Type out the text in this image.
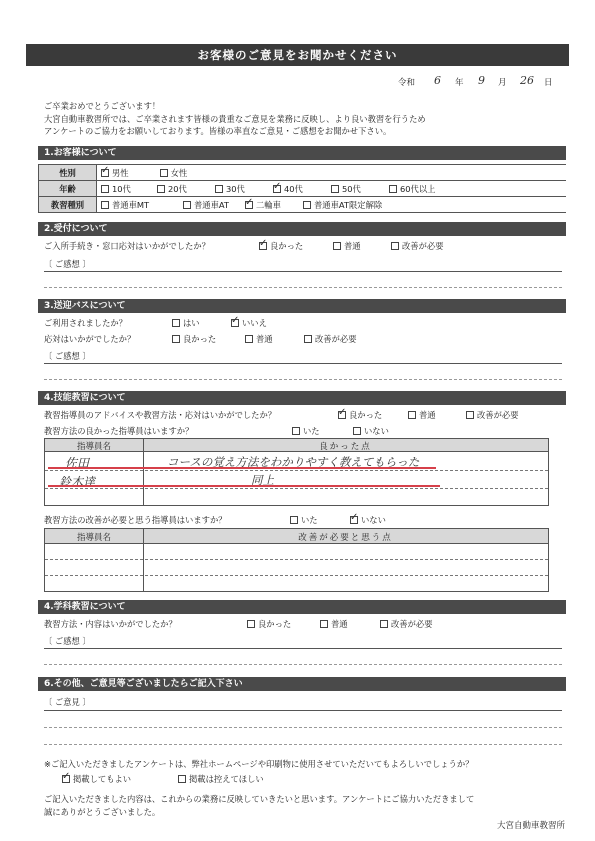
お客様のご意見をお聞かせください
令和 6 年 9 月 26 日
ご卒業おめでとうございます！
大宮自動車教習所では、ご卒業されます皆様の貴重なご意見を業務に反映し、より良い教習を行うため
アンケートのご協力をお願いしております。皆様の率直なご意見・ご感想をお聞かせ下さい。
1.お客様について
性別	✓男性 女性
年齢	10代 20代 30代 ✓ 40代 50代 60代以上
教習種別	普通車MT 普通車AT ✓ 二輪車 普通車AT限定解除
2.受付について
ご入所手続き・窓口応対はいかがでしたか？ ✓	良かった	普通	改善が必要
〔 ご感想 〕
3.送迎バスについて
ご利用されましたか？	はい ✓	いいえ
応対はいかがでしたか？	良かった	普通	改善が必要
〔 ご感想 〕
4.技能教習について
教習指導員のアドバイスや教習方法・応対はいかがでしたか？ ✓	良かった	普通	改善が必要
教習方法の良かった指導員はいますか？	いた	いない
指導員名	良かった点
佐田	コースの覚え方法をわかりやすく教えてもらった
鈴木達	同上
教習方法の改善が必要と思う指導員はいますか？	いた ✓	いない
指導員名	改善が必要と思う点
4.学科教習について
教習方法・内容はいかがでしたか？	良かった	普通	改善が必要
〔 ご感想 〕
6.その他、ご意見等ございましたらご記入下さい
〔 ご意見 〕
※ご記入いただきましたアンケートは、弊社ホームページや印刷物に使用させていただいてもよろしいでしょうか？
✓掲載してもよい	掲載は控えてほしい
ご記入いただきました内容は、これからの業務に反映していきたいと思います。アンケートにご協力いただきまして
誠にありがとうございました。
大宮自動車教習所
